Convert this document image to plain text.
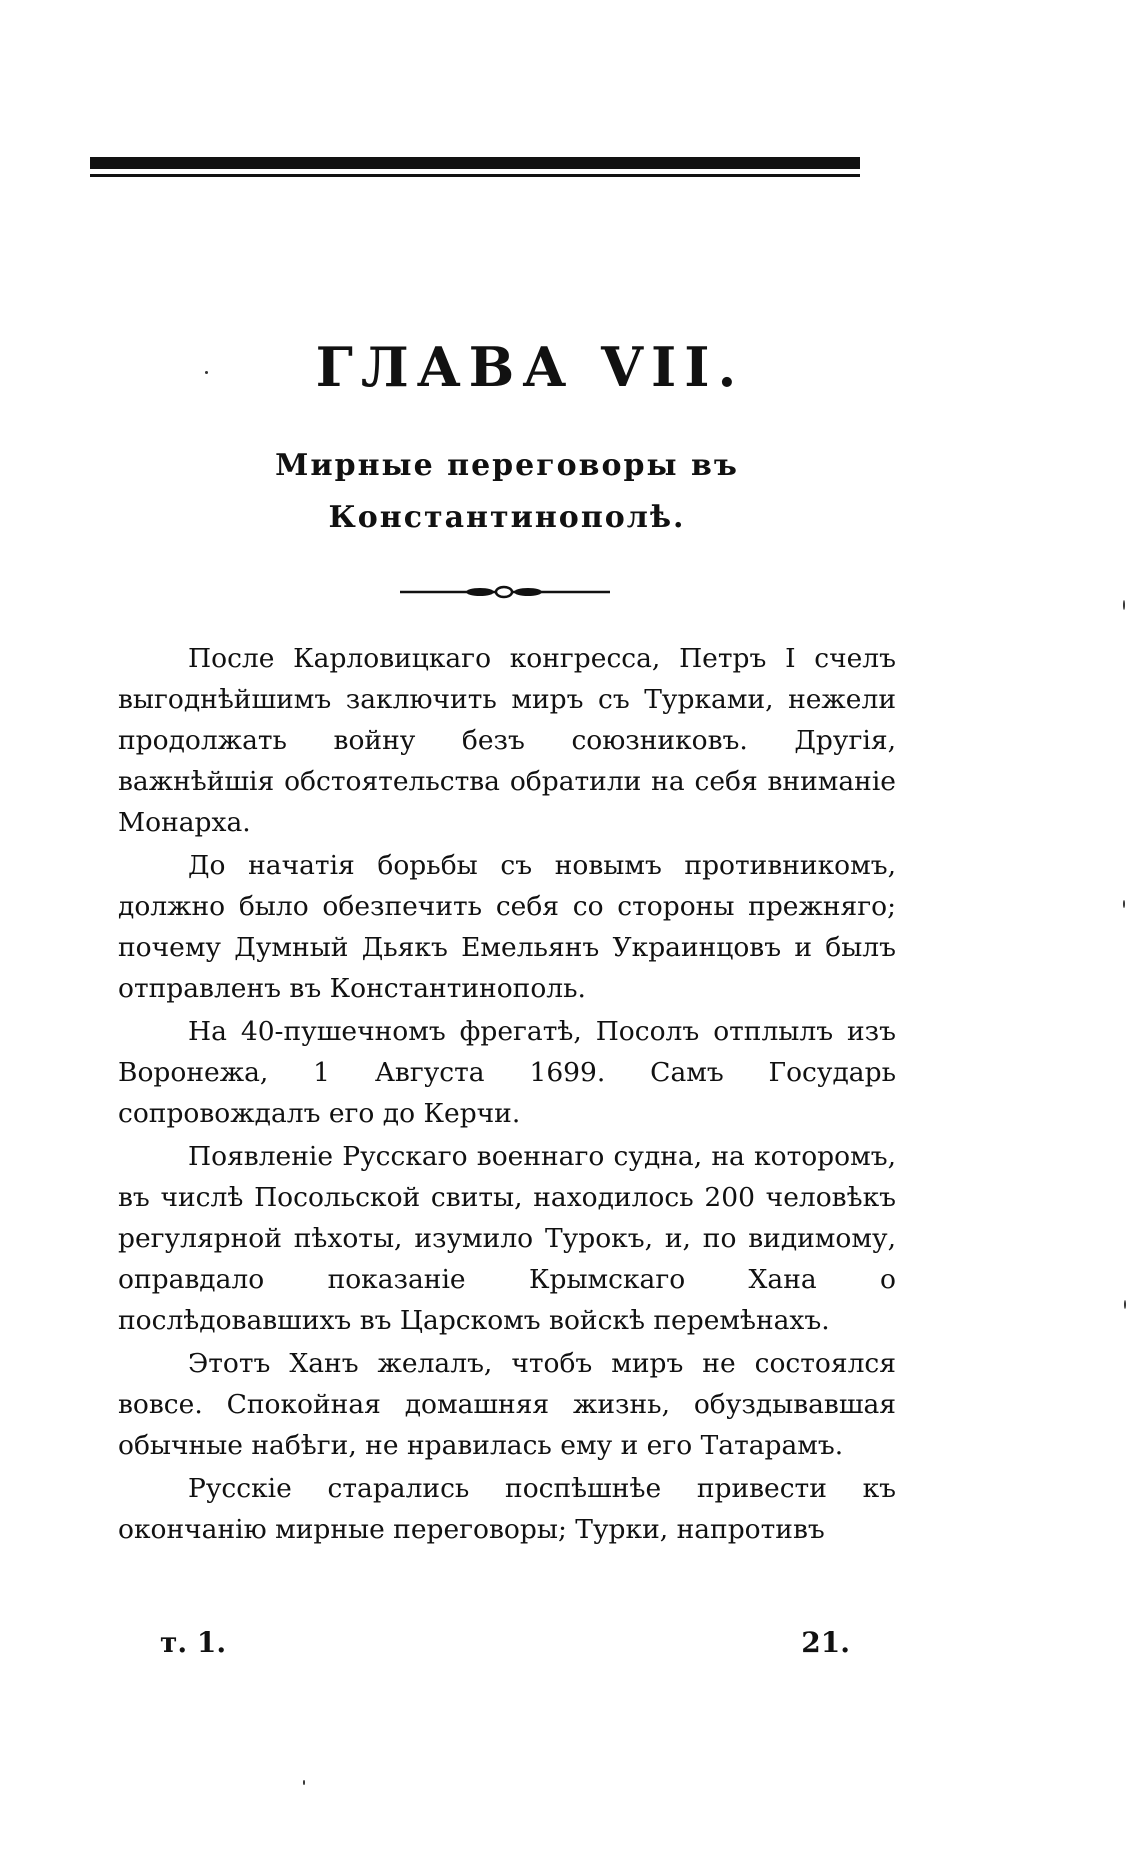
ГЛАВА VII.
Мирные переговоры въ Константинополѣ.

После Карловицкаго конгресса, Петръ I счелъ выгоднѣйшимъ заключить миръ съ Турками, нежели продолжать войну безъ союзниковъ. Другія, важнѣйшія обстоятельства обратили на себя вниманіе Монарха.

До начатія борьбы съ новымъ противникомъ, должно было обезпечить себя со стороны прежняго; почему Думный Дьякъ Емельянъ Украинцовъ и былъ отправленъ въ Константинополь.

На 40-пушечномъ фрегатѣ, Посолъ отплылъ изъ Воронежа, 1 Августа 1699. Самъ Государь сопровождалъ его до Керчи.

Появленіе Русскаго военнаго судна, на которомъ, въ числѣ Посольской свиты, находилось 200 человѣкъ регулярной пѣхоты, изумило Турокъ, и, по видимому, оправдало показаніе Крымскаго Хана о послѣдовавшихъ въ Царскомъ войскѣ перемѣнахъ.

Этотъ Ханъ желалъ, чтобъ миръ не состоялся вовсе. Спокойная домашняя жизнь, обуздывавшая обычные набѣги, не нравилась ему и его Татарамъ.

Русскіе старались поспѣшнѣе привести къ окончанію мирные переговоры; Турки, напротивъ

т. 1.	21.
